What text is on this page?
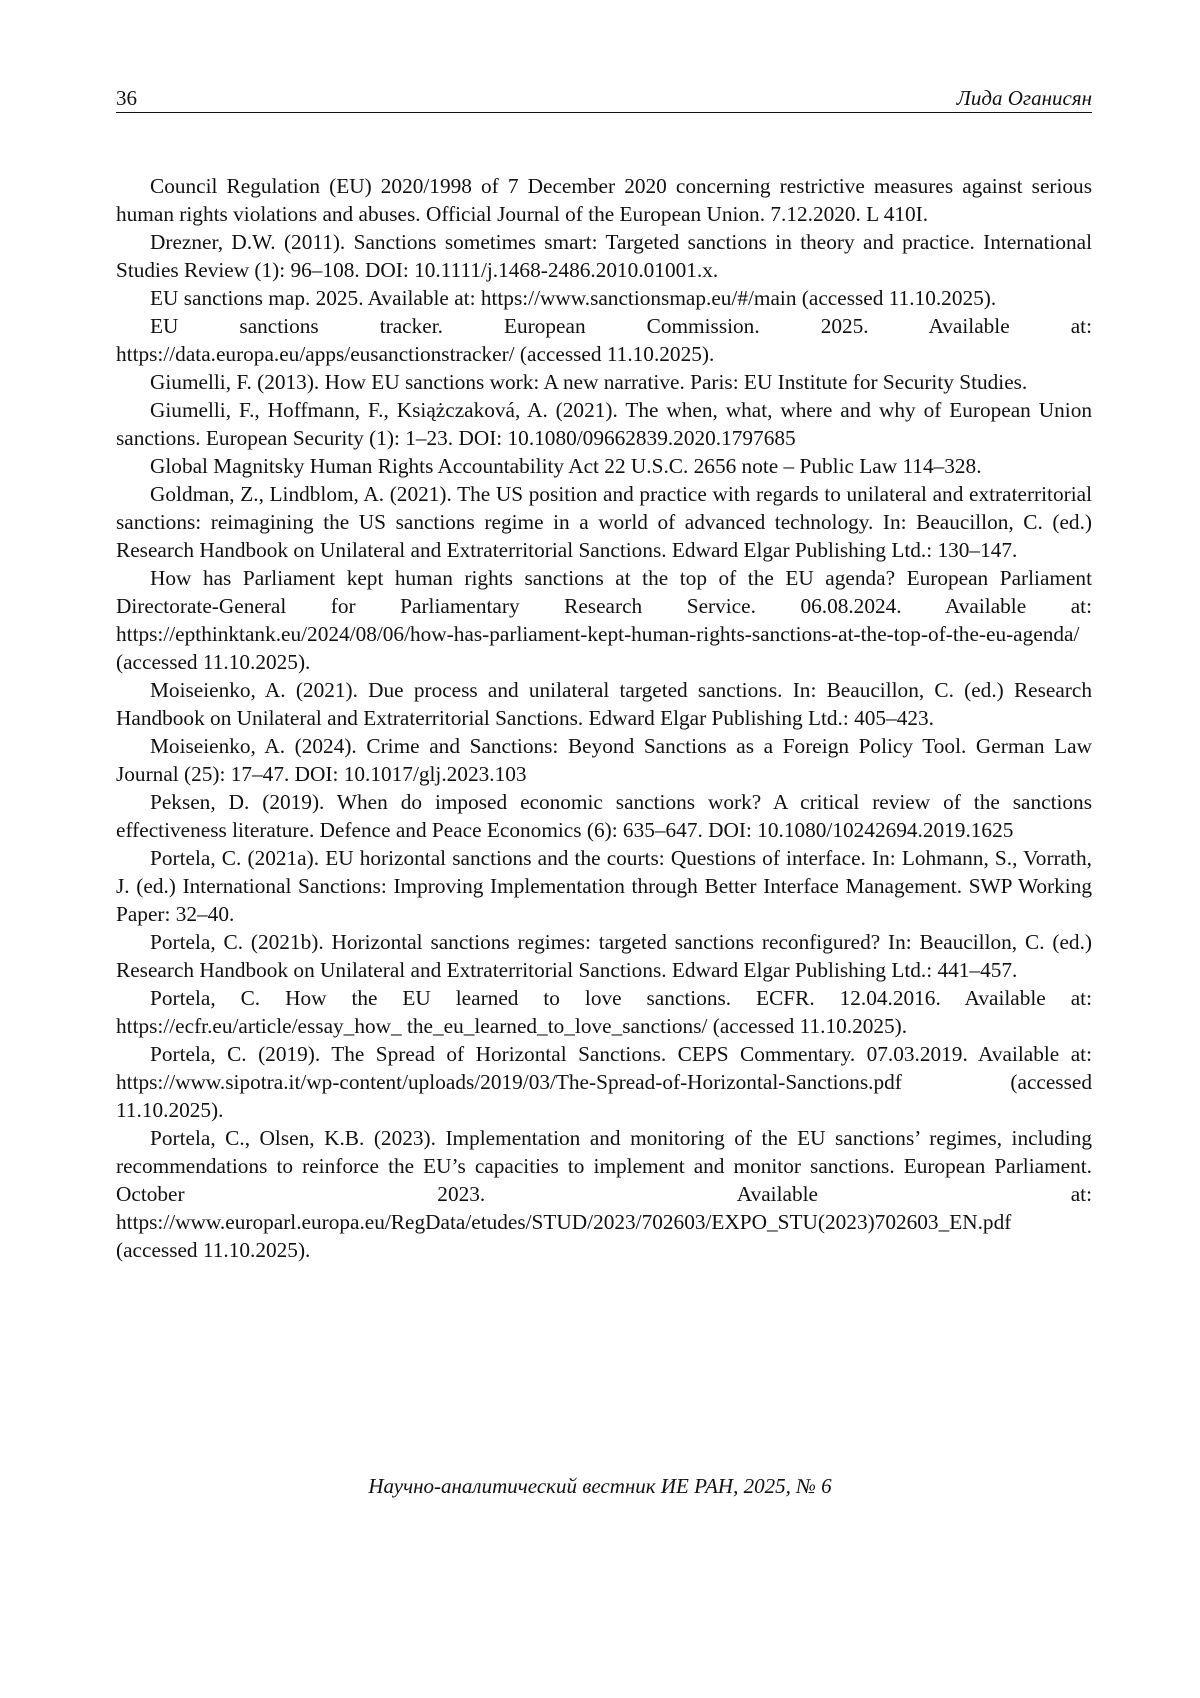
36	Лида Оганисян

Council Regulation (EU) 2020/1998 of 7 December 2020 concerning restrictive measures against serious human rights violations and abuses. Official Journal of the European Union. 7.12.2020. L 410I.

Drezner, D.W. (2011). Sanctions sometimes smart: Targeted sanctions in theory and practice. International Studies Review (1): 96–108. DOI: 10.1111/j.1468-2486.2010.01001.x.

EU sanctions map. 2025. Available at: https://www.sanctionsmap.eu/#/main (accessed 11.10.2025).

EU sanctions tracker. European Commission. 2025. Available at: https://data.europa.eu/apps/eusanctionstracker/ (accessed 11.10.2025).

Giumelli, F. (2013). How EU sanctions work: A new narrative. Paris: EU Institute for Security Studies.

Giumelli, F., Hoffmann, F., Książczaková, A. (2021). The when, what, where and why of European Union sanctions. European Security (1): 1–23. DOI: 10.1080/09662839.2020.1797685

Global Magnitsky Human Rights Accountability Act 22 U.S.C. 2656 note – Public Law 114–328.

Goldman, Z., Lindblom, A. (2021). The US position and practice with regards to unilateral and extraterritorial sanctions: reimagining the US sanctions regime in a world of advanced technology. In: Beaucillon, C. (ed.) Research Handbook on Unilateral and Extraterritorial Sanctions. Edward Elgar Publishing Ltd.: 130–147.

How has Parliament kept human rights sanctions at the top of the EU agenda? European Parliament Directorate-General for Parliamentary Research Service. 06.08.2024. Available at: https://epthinktank.eu/2024/08/06/how-has-parliament-kept-human-rights-sanctions-at-the-top-of-the-eu-agenda/ (accessed 11.10.2025).

Moiseienko, A. (2021). Due process and unilateral targeted sanctions. In: Beaucillon, C. (ed.) Research Handbook on Unilateral and Extraterritorial Sanctions. Edward Elgar Publishing Ltd.: 405–423.

Moiseienko, A. (2024). Crime and Sanctions: Beyond Sanctions as a Foreign Policy Tool. German Law Journal (25): 17–47. DOI: 10.1017/glj.2023.103

Peksen, D. (2019). When do imposed economic sanctions work? A critical review of the sanctions effectiveness literature. Defence and Peace Economics (6): 635–647. DOI: 10.1080/10242694.2019.1625

Portela, C. (2021a). EU horizontal sanctions and the courts: Questions of interface. In: Lohmann, S., Vorrath, J. (ed.) International Sanctions: Improving Implementation through Better Interface Management. SWP Working Paper: 32–40.

Portela, C. (2021b). Horizontal sanctions regimes: targeted sanctions reconfigured? In: Beaucillon, C. (ed.) Research Handbook on Unilateral and Extraterritorial Sanctions. Edward Elgar Publishing Ltd.: 441–457.

Portela, C. How the EU learned to love sanctions. ECFR. 12.04.2016. Available at: https://ecfr.eu/article/essay_how_ the_eu_learned_to_love_sanctions/ (accessed 11.10.2025).

Portela, C. (2019). The Spread of Horizontal Sanctions. CEPS Commentary. 07.03.2019. Available at: https://www.sipotra.it/wp-content/uploads/2019/03/The-Spread-of-Horizontal-Sanctions.pdf (accessed 11.10.2025).

Portela, C., Olsen, K.B. (2023). Implementation and monitoring of the EU sanctions’ regimes, including recommendations to reinforce the EU’s capacities to implement and monitor sanctions. European Parliament. October 2023. Available at: https://www.europarl.europa.eu/RegData/etudes/STUD/2023/702603/EXPO_STU(2023)702603_EN.pdf (accessed 11.10.2025).

Научно-аналитический вестник ИЕ РАН, 2025, № 6
